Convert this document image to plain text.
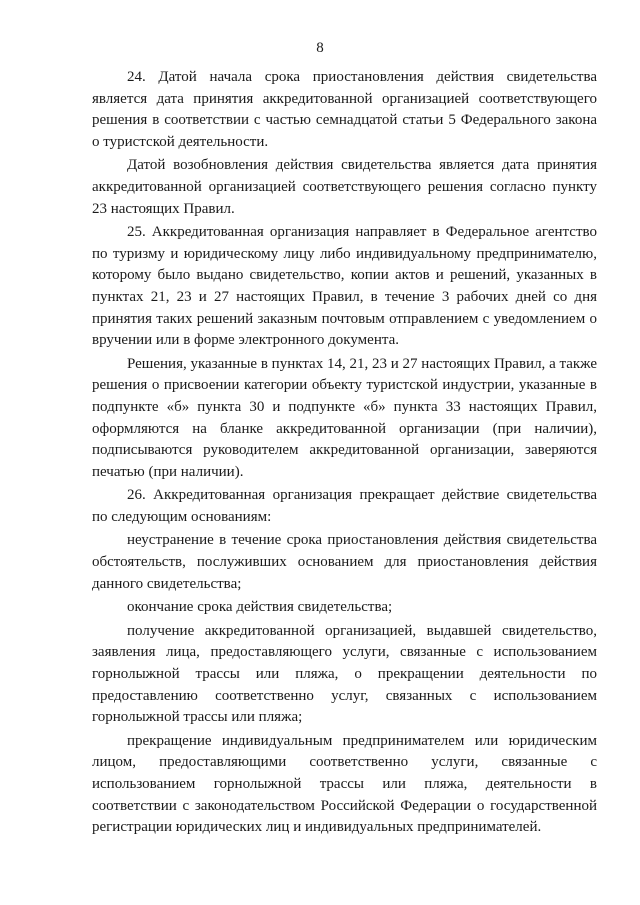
8

24. Датой начала срока приостановления действия свидетельства является дата принятия аккредитованной организацией соответствующего решения в соответствии с частью семнадцатой статьи 5 Федерального закона о туристской деятельности.

Датой возобновления действия свидетельства является дата принятия аккредитованной организацией соответствующего решения согласно пункту 23 настоящих Правил.

25. Аккредитованная организация направляет в Федеральное агентство по туризму и юридическому лицу либо индивидуальному предпринимателю, которому было выдано свидетельство, копии актов и решений, указанных в пунктах 21, 23 и 27 настоящих Правил, в течение 3 рабочих дней со дня принятия таких решений заказным почтовым отправлением с уведомлением о вручении или в форме электронного документа.

Решения, указанные в пунктах 14, 21, 23 и 27 настоящих Правил, а также решения о присвоении категории объекту туристской индустрии, указанные в подпункте «б» пункта 30 и подпункте «б» пункта 33 настоящих Правил, оформляются на бланке аккредитованной организации (при наличии), подписываются руководителем аккредитованной организации, заверяются печатью (при наличии).

26. Аккредитованная организация прекращает действие свидетельства по следующим основаниям:

неустранение в течение срока приостановления действия свидетельства обстоятельств, послуживших основанием для приостановления действия данного свидетельства;

окончание срока действия свидетельства;

получение аккредитованной организацией, выдавшей свидетельство, заявления лица, предоставляющего услуги, связанные с использованием горнолыжной трассы или пляжа, о прекращении деятельности по предоставлению соответственно услуг, связанных с использованием горнолыжной трассы или пляжа;

прекращение индивидуальным предпринимателем или юридическим лицом, предоставляющими соответственно услуги, связанные с использованием горнолыжной трассы или пляжа, деятельности в соответствии с законодательством Российской Федерации о государственной регистрации юридических лиц и индивидуальных предпринимателей.
